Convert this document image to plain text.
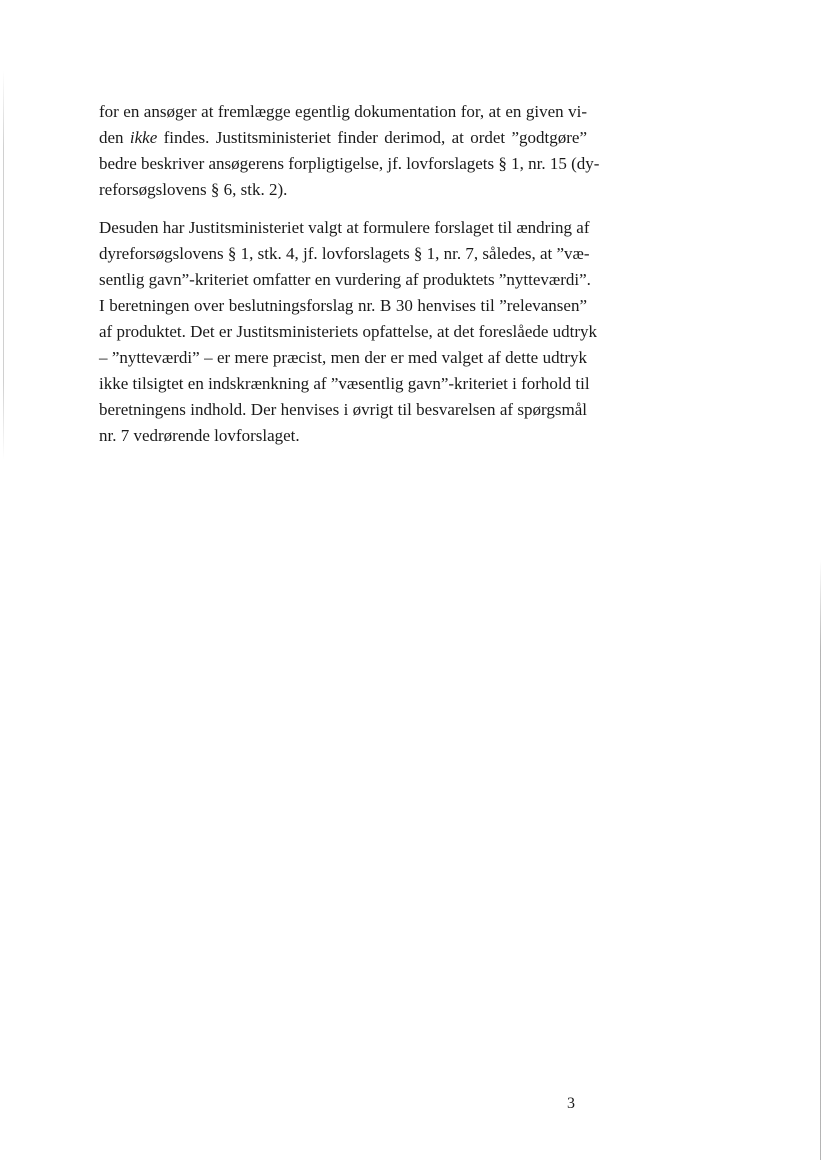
for en ansøger at fremlægge egentlig dokumentation for, at en given vi-
den ikke findes. Justitsministeriet finder derimod, at ordet ”godtgøre”
bedre beskriver ansøgerens forpligtigelse, jf. lovforslagets § 1, nr. 15 (dy-
reforsøgslovens § 6, stk. 2).

Desuden har Justitsministeriet valgt at formulere forslaget til ændring af
dyreforsøgslovens § 1, stk. 4, jf. lovforslagets § 1, nr. 7, således, at ”væ-
sentlig gavn”-kriteriet omfatter en vurdering af produktets ”nytteværdi”.
I beretningen over beslutningsforslag nr. B 30 henvises til ”relevansen”
af produktet. Det er Justitsministeriets opfattelse, at det foreslåede udtryk
– ”nytteværdi” – er mere præcist, men der er med valget af dette udtryk
ikke tilsigtet en indskrænkning af ”væsentlig gavn”-kriteriet i forhold til
beretningens indhold. Der henvises i øvrigt til besvarelsen af spørgsmål
nr. 7 vedrørende lovforslaget.

3
